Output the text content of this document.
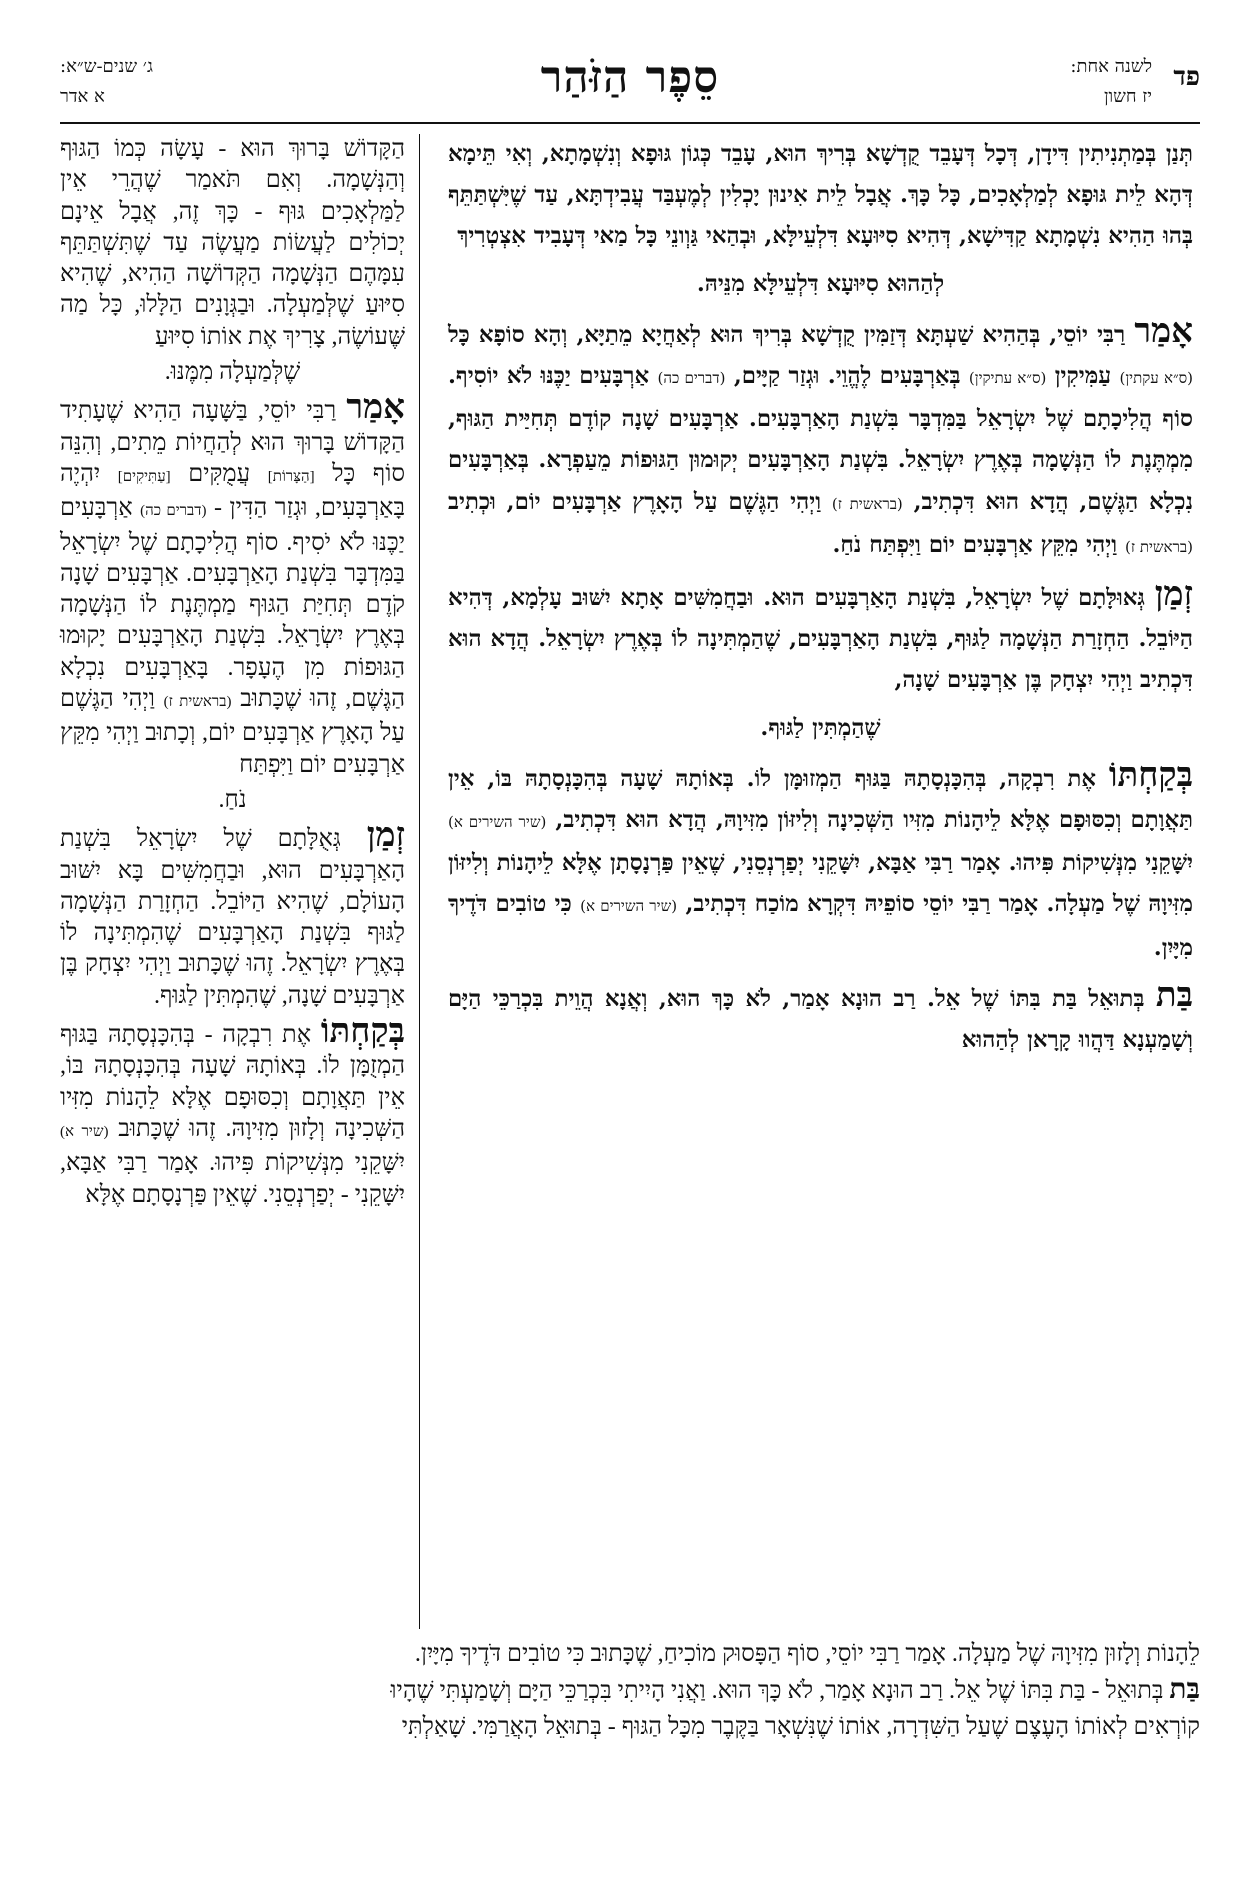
פד
לשנה אחת:
יז חשון
סֵפֶר הַזֹּהַר
ג׳ שנים-ש״א:
א אדר

תְּנַן בְּמַתְנִיתִין דִּידָן, דְּכָל דְּעָבֵד קֻדְשָׁא בְּרִיךְ הוּא, עָבֵד כְּגוֹן גּוּפָא וְנִשְׁמָתָא, וְאִי תֵּימָא דְּהָא לֵית גּוּפָא לְמַלְאָכִים, כָּל כָּךְ. אֲבָל לֵית אִינוּן יָכְלִין לְמֶעְבַּד עֲבִידְתָּא, עַד שֶׁיִּשְׁתַּתֵּף בְּהוּ הַהִיא נִשְׁמָתָא קַדִּישָׁא, דְּהִיא סִיּוּעָא דִּלְעֵילָּא, וּבְהַאי גַּוְונֵי כָּל מַאי דְּעָבִיד אִצְטְרִיךְ

לְהַהוּא סִיּוּעָא דִּלְעֵילָּא מִנֵּיהּ.

אָמַר רַבִּי יוֹסֵי, בְּהַהִיא שַׁעְתָּא דְּזַמִּין קֻדְשָׁא בְּרִיךְ הוּא לְאַחֲיָא מֵתַיָּא, וְהָא סוֹפָא כָּל (ס״א עקתין) עַמִּיקִין (ס״א עתיקין) בְּאַרְבָּעִים לֶהֱוֵי. וּגְזַר קַיָּים, (דברים כה) אַרְבָּעִים יַכֶּנּוּ לֹא יוֹסִיף. סוֹף הֲלִיכָתָם שֶׁל יִשְׂרָאֵל בַּמִּדְבָּר בִּשְׁנַת הָאַרְבָּעִים. אַרְבָּעִים שָׁנָה קוֹדֶם תְּחִיַּית הַגּוּף, מִמְתֶּנֶת לוֹ הַנְּשָׁמָה בְּאֶרֶץ יִשְׂרָאֵל. בִּשְׁנַת הָאַרְבָּעִים יְקוּמוּן הַגּוּפוֹת מֵעַפְרָא. בְּאַרְבָּעִים נִכְלָא הַגֶּשֶׁם, הֲדָא הוּא דִּכְתִיב, (בראשית ז) וַיְהִי הַגֶּשֶׁם עַל הָאָרֶץ אַרְבָּעִים יוֹם, וּכְתִיב (בראשית ז) וַיְהִי מִקֵּץ אַרְבָּעִים יוֹם וַיִּפְתַּח נֹחַ.

זְמַן גְּאוּלָּתָם שֶׁל יִשְׂרָאֵל, בִּשְׁנַת הָאַרְבָּעִים הוּא. וּבַחֲמִשִּׁים אָתָא יִשּׁוּב עָלְמָא, דְּהִיא הַיּוֹבֵל. הַחְזָרַת הַנְּשָׁמָה לַגּוּף, בִּשְׁנַת הָאַרְבָּעִים, שֶׁהַמְתִּינָה לוֹ בְּאֶרֶץ יִשְׂרָאֵל. הֲדָא הוּא דִּכְתִיב וַיְהִי יִצְחָק בֶּן אַרְבָּעִים שָׁנָה,

שֶׁהַמְתִּין לַגּוּף.

בְּקַחְתּוֹ אֶת רִבְקָה, בְּהִכָּנְסָתָהּ בַּגּוּף הַמְזוּמָּן לוֹ. בְּאוֹתָהּ שָׁעָה בְּהִכָּנְסָתָהּ בּוֹ, אֵין תַּאֲוָתָם וְכִסּוּפָם אֶלָּא לֵיהָנוֹת מִזִּיו הַשְּׁכִינָה וְלִיזּוֹן מִזִּיוָהּ, הֲדָא הוּא דִּכְתִיב, (שיר השירים א) יִשָּׁקֵנִי מִנְּשִׁיקוֹת פִּיהוּ. אָמַר רַבִּי אַבָּא, יִשָּׁקֵנִי יְפַרְנְסֵנִי, שֶׁאֵין פַּרְנָסָתָן אֶלָּא לֵיהָנוֹת וְלִיזּוֹן מִזִּיוָהּ שֶׁל מַעְלָה. אָמַר רַבִּי יוֹסֵי סוֹפֵיהּ דִּקְרָא מוֹכַח דִּכְתִיב, (שיר השירים א) כִּי טוֹבִים דֹּדֶיךָ מִיָּיִן.

בַּת בְּתוּאֵל בַּת בִּתּוֹ שֶׁל אֵל. רַב הוּנָא אָמַר, לֹא כָּךְ הוּא, וְאֲנָא הֲוֵית בִּכְרַכֵּי הַיָּם וְשָׁמַעְנָא דַּהֲווּ קָרָאן לְהַהוּא

הַקָּדוֹשׁ בָּרוּךְ הוּא - עָשָׂה כְּמוֹ הַגּוּף וְהַנְּשָׁמָה. וְאִם תֹּאמַר שֶׁהֲרֵי אֵין לַמַּלְאָכִים גּוּף - כָּךְ זֶה, אֲבָל אֵינָם יְכוֹלִים לַעֲשׂוֹת מַעֲשֶׂה עַד שֶׁתִּשְׁתַּתֵּף עִמָּהֶם הַנְּשָׁמָה הַקְּדוֹשָׁה הַהִיא, שֶׁהִיא סִיּוּעַ שֶׁלְּמַעְלָה. וּבַגְּוָנִים הַלָּלוּ, כָּל מַה שֶּׁעוֹשֶׂה, צָרִיךְ אֶת אוֹתוֹ סִיּוּעַ

שֶׁלְּמַעְלָה מִמֶּנּוּ.

אָמַר רַבִּי יוֹסֵי, בַּשָּׁעָה הַהִיא שֶׁעָתִיד הַקָּדוֹשׁ בָּרוּךְ הוּא לְהַחֲיוֹת מֵתִים, וְהִנֵּה סוֹף כָּל [הַצָּרוֹת] עֲמֻקִּים [עַתִּיקִים] יִהְיֶה בָּאַרְבָּעִים, וּגְזַר הַדִּין - (דברים כה) אַרְבָּעִים יַכֶּנּוּ לֹא יֹסִיף. סוֹף הֲלִיכָתָם שֶׁל יִשְׂרָאֵל בַּמִּדְבָּר בִּשְׁנַת הָאַרְבָּעִים. אַרְבָּעִים שָׁנָה קֹדֶם תְּחִיַּת הַגּוּף מַמְתֶּנֶת לוֹ הַנְּשָׁמָה בְּאֶרֶץ יִשְׂרָאֵל. בִּשְׁנַת הָאַרְבָּעִים יָקוּמוּ הַגּוּפוֹת מִן הֶעָפָר. בָּאַרְבָּעִים נִכְלָא הַגֶּשֶׁם, זֶהוּ שֶׁכָּתוּב (בראשית ז) וַיְהִי הַגֶּשֶׁם עַל הָאָרֶץ אַרְבָּעִים יוֹם, וְכָתוּב וַיְהִי מִקֵּץ אַרְבָּעִים יוֹם וַיִּפְתַּח

נֹחַ.

זְמַן גְּאֻלָּתָם שֶׁל יִשְׂרָאֵל בִּשְׁנַת הָאַרְבָּעִים הוּא, וּבַחֲמִשִּׁים בָּא יִשּׁוּב הָעוֹלָם, שֶׁהִיא הַיּוֹבֵל. הַחְזָרַת הַנְּשָׁמָה לַגּוּף בִּשְׁנַת הָאַרְבָּעִים שֶׁהִמְתִּינָה לוֹ בְּאֶרֶץ יִשְׂרָאֵל. זֶהוּ שֶׁכָּתוּב וַיְהִי יִצְחָק בֶּן אַרְבָּעִים שָׁנָה, שֶׁהִמְתִּין לַגּוּף.

בְּקַחְתּוֹ אֶת רִבְקָה - בְּהִכָּנְסָתָהּ בַּגּוּף הַמְזֻמָּן לוֹ. בְּאוֹתָהּ שָׁעָה בְּהִכָּנְסָתָהּ בּוֹ, אֵין תַּאֲוָתָם וְכִסּוּפָם אֶלָּא לֵהָנוֹת מִזִּיו הַשְּׁכִינָה וְלָזוּן מִזִּיוָהּ. זֶהוּ שֶׁכָּתוּב (שיר א) יִשָּׁקֵנִי מִנְּשִׁיקוֹת פִּיהוּ. אָמַר רַבִּי אַבָּא, יִשָּׁקֵנִי - יְפַרְנְסֵנִי. שֶׁאֵין פַּרְנָסָתָם אֶלָּא

לֵהָנוֹת וְלָזוּן מִזִּיוָהּ שֶׁל מַעְלָה. אָמַר רַבִּי יוֹסֵי, סוֹף הַפָּסוּק מוֹכִיחַ, שֶׁכָּתוּב כִּי טוֹבִים דֹּדֶיךָ מִיָּיִן.

בַּת בְּתוּאֵל - בַּת בִּתּוֹ שֶׁל אֵל. רַב הוּנָא אָמַר, לֹא כָּךְ הוּא. וַאֲנִי הָיִיתִי בִּכְרַכֵּי הַיָּם וְשָׁמַעְתִּי שֶׁהָיוּ

קוֹרְאִים לְאוֹתוֹ הָעֶצֶם שֶׁעַל הַשִּׁדְרָה, אוֹתוֹ שֶׁנִּשְׁאָר בַּקֶּבֶר מִכָּל הַגּוּף - בְּתוּאֵל הָאֲרַמִּי. שָׁאַלְתִּי
